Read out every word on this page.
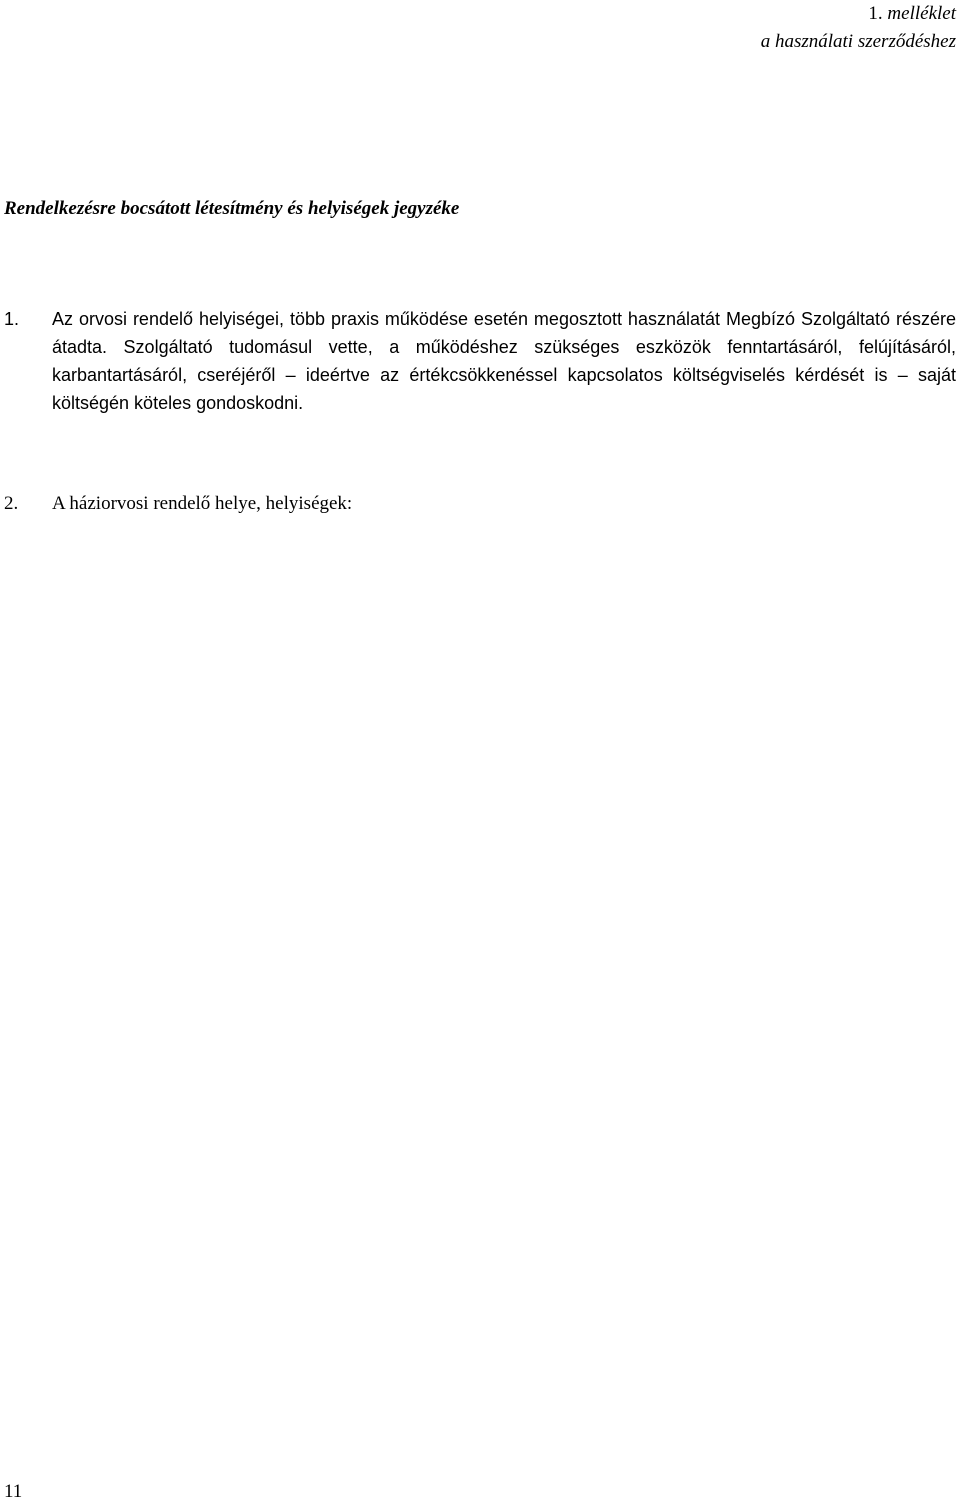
1. melléklet
a használati szerződéshez
Rendelkezésre bocsátott létesítmény és helyiségek jegyzéke
1. Az orvosi rendelő helyiségei, több praxis működése esetén megosztott használatát Megbízó Szolgáltató részére átadta. Szolgáltató tudomásul vette, a működéshez szükséges eszközök fenntartásáról, felújításáról, karbantartásáról, cseréjéről – ideértve az értékcsökkenéssel kapcsolatos költségviselés kérdését is – saját költségén köteles gondoskodni.
2. A háziorvosi rendelő helye, helyiségek:
11
